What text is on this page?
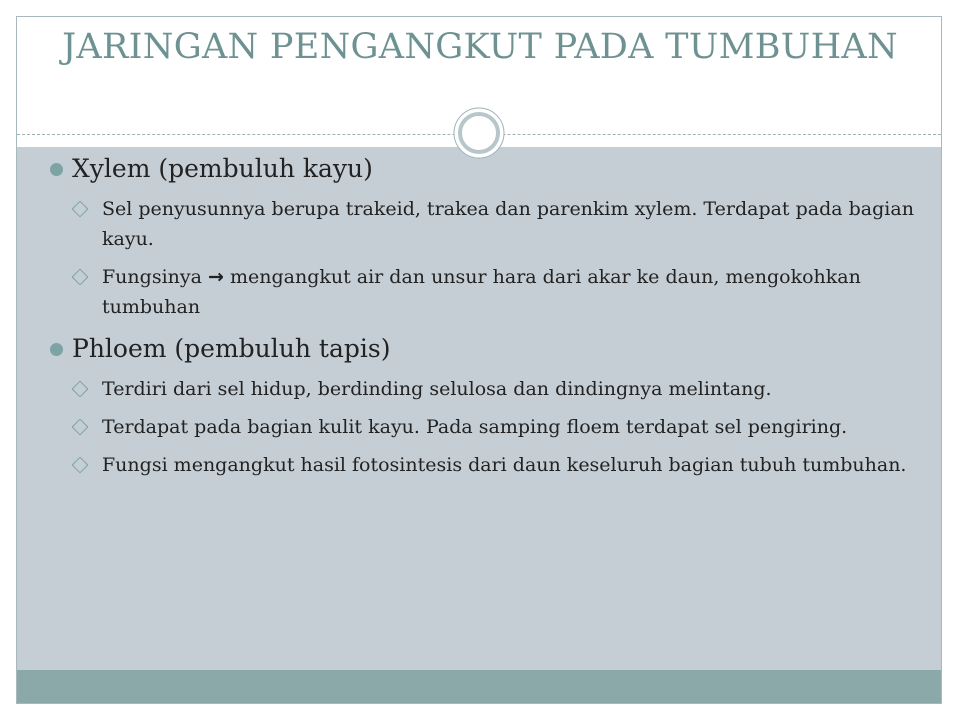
JARINGAN PENGANGKUT PADA TUMBUHAN
Xylem (pembuluh kayu)
Sel penyusunnya berupa trakeid, trakea dan parenkim xylem. Terdapat pada bagian kayu.
Fungsinya → mengangkut air dan unsur hara dari akar ke daun, mengokohkan tumbuhan
Phloem (pembuluh tapis)
Terdiri dari sel hidup, berdinding selulosa dan dindingnya melintang.
Terdapat pada bagian kulit kayu. Pada samping floem terdapat sel pengiring.
Fungsi mengangkut hasil fotosintesis dari daun keseluruh bagian tubuh tumbuhan.
